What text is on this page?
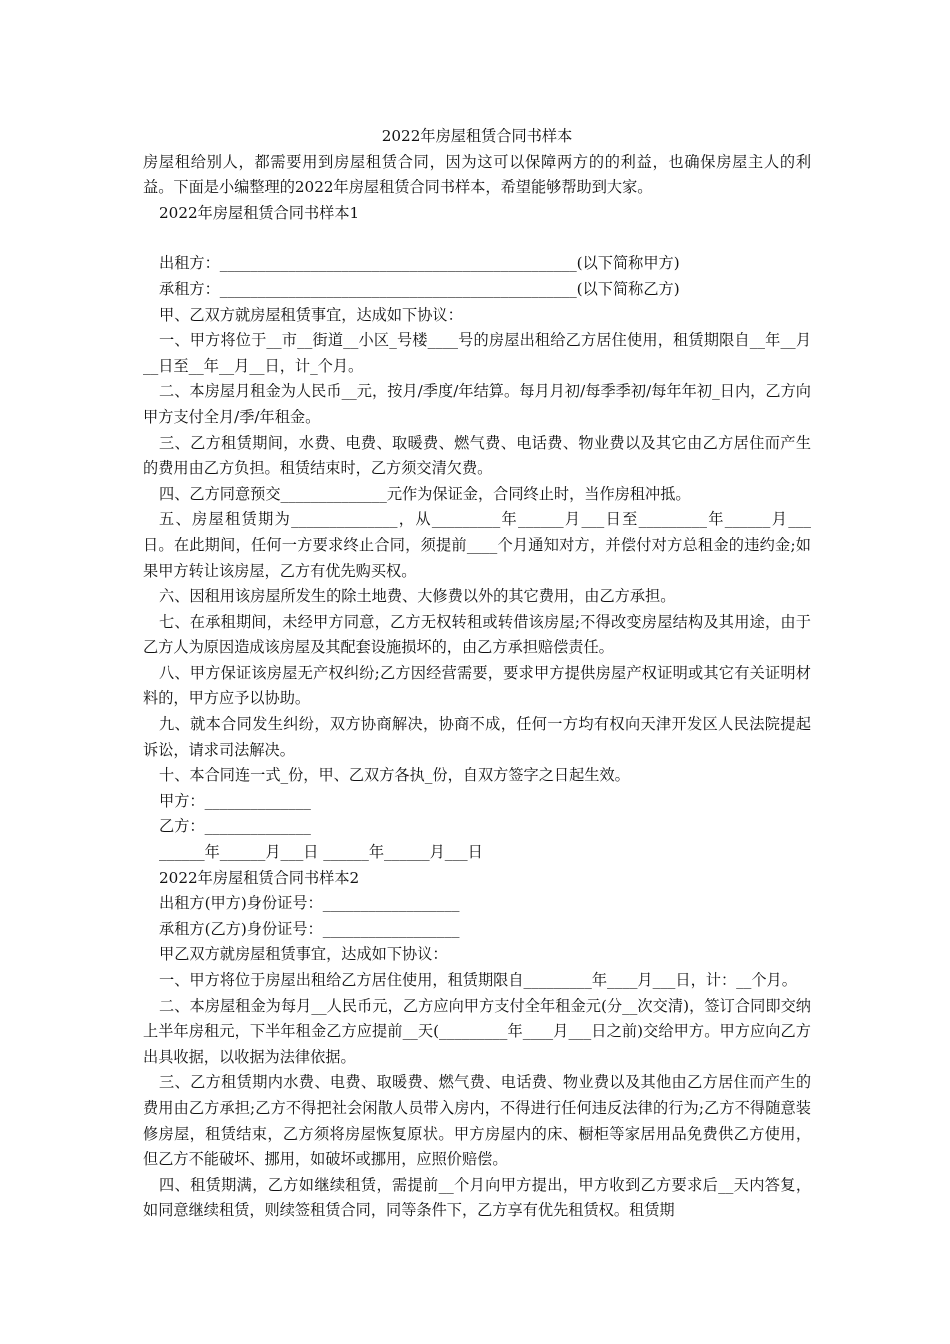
2022年房屋租赁合同书样本

房屋租给别人，都需要用到房屋租赁合同，因为这可以保障两方的的利益，也确保房屋主人的利益。下面是小编整理的2022年房屋租赁合同书样本，希望能够帮助到大家。

2022年房屋租赁合同书样本1

出租方：_______________________________________________(以下简称甲方)

承租方：_______________________________________________(以下简称乙方)

甲、乙双方就房屋租赁事宜，达成如下协议：

一、甲方将位于__市__街道__小区_号楼____号的房屋出租给乙方居住使用，租赁期限自__年__月__日至__年__月__日，计_个月。

二、本房屋月租金为人民币__元，按月/季度/年结算。每月月初/每季季初/每年年初_日内，乙方向甲方支付全月/季/年租金。

三、乙方租赁期间，水费、电费、取暖费、燃气费、电话费、物业费以及其它由乙方居住而产生的费用由乙方负担。租赁结束时，乙方须交清欠费。

四、乙方同意预交______________元作为保证金，合同终止时，当作房租冲抵。

五、房屋租赁期为______________，从_________年______月___日至_________年______月___日。在此期间，任何一方要求终止合同，须提前____个月通知对方，并偿付对方总租金的违约金;如果甲方转让该房屋，乙方有优先购买权。

六、因租用该房屋所发生的除土地费、大修费以外的其它费用，由乙方承担。

七、在承租期间，未经甲方同意，乙方无权转租或转借该房屋;不得改变房屋结构及其用途，由于乙方人为原因造成该房屋及其配套设施损坏的，由乙方承担赔偿责任。

八、甲方保证该房屋无产权纠纷;乙方因经营需要，要求甲方提供房屋产权证明或其它有关证明材料的，甲方应予以协助。

九、就本合同发生纠纷，双方协商解决，协商不成，任何一方均有权向天津开发区人民法院提起诉讼，请求司法解决。

十、本合同连一式_份，甲、乙双方各执_份，自双方签字之日起生效。

甲方：______________

乙方：______________

______年______月___日 ______年______月___日

2022年房屋租赁合同书样本2

出租方(甲方)身份证号：__________________

承租方(乙方)身份证号：__________________

甲乙双方就房屋租赁事宜，达成如下协议：

一、甲方将位于房屋出租给乙方居住使用，租赁期限自_________年____月___日，计：__个月。

二、本房屋租金为每月__人民币元，乙方应向甲方支付全年租金元(分__次交清)，签订合同即交纳上半年房租元，下半年租金乙方应提前__天(_________年____月___日之前)交给甲方。甲方应向乙方出具收据，以收据为法律依据。

三、乙方租赁期内水费、电费、取暖费、燃气费、电话费、物业费以及其他由乙方居住而产生的费用由乙方承担;乙方不得把社会闲散人员带入房内，不得进行任何违反法律的行为;乙方不得随意装修房屋，租赁结束，乙方须将房屋恢复原状。甲方房屋内的床、橱柜等家居用品免费供乙方使用，但乙方不能破坏、挪用，如破坏或挪用，应照价赔偿。

四、租赁期满，乙方如继续租赁，需提前__个月向甲方提出，甲方收到乙方要求后__天内答复，如同意继续租赁，则续签租赁合同，同等条件下，乙方享有优先租赁权。租赁期
